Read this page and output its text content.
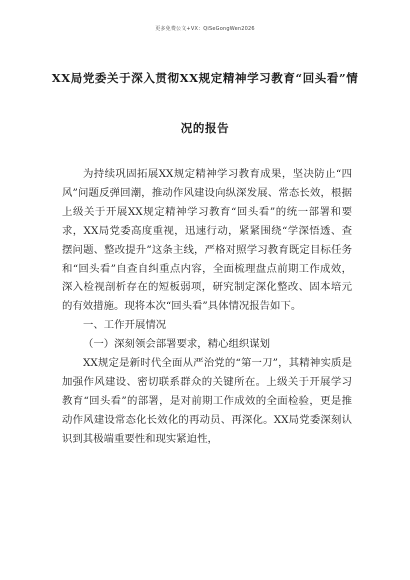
更多免费公文+VX：QiSeGongWen2026
XX局党委关于深入贯彻XX规定精神学习教育“回头看”情
况的报告

为持续巩固拓展XX规定精神学习教育成果，坚决防止“四风”问题反弹回潮，推动作风建设向纵深发展、常态长效，根据上级关于开展XX规定精神学习教育“回头看”的统一部署和要求，XX局党委高度重视，迅速行动，紧紧围绕“学深悟透、查摆问题、整改提升”这条主线，严格对照学习教育既定目标任务和“回头看”自查自纠重点内容，全面梳理盘点前期工作成效，深入检视剖析存在的短板弱项，研究制定深化整改、固本培元的有效措施。现将本次“回头看”具体情况报告如下。

一、工作开展情况

（一）深刻领会部署要求，精心组织谋划

XX规定是新时代全面从严治党的“第一刀”，其精神实质是加强作风建设、密切联系群众的关键所在。上级关于开展学习教育“回头看”的部署，是对前期工作成效的全面检验，更是推动作风建设常态化长效化的再动员、再深化。XX局党委深刻认识到其极端重要性和现实紧迫性，
